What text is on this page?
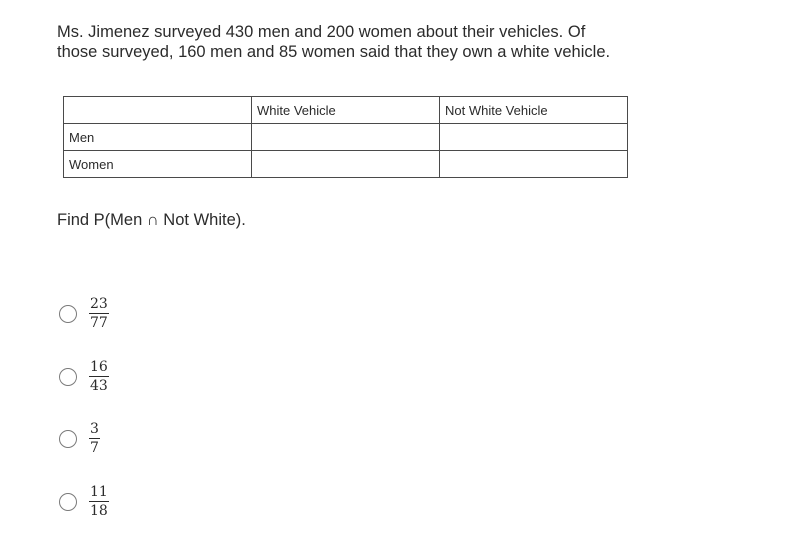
Ms. Jimenez surveyed 430 men and 200 women about their vehicles. Of

those surveyed, 160 men and 85 women said that they own a white vehicle.

	White Vehicle	Not White Vehicle
Men		
Women		
Find P(Men ∩ Not White).
$\frac{23}{77}$
$\frac{16}{43}$
$\frac{3}{7}$
$\frac{11}{18}$
